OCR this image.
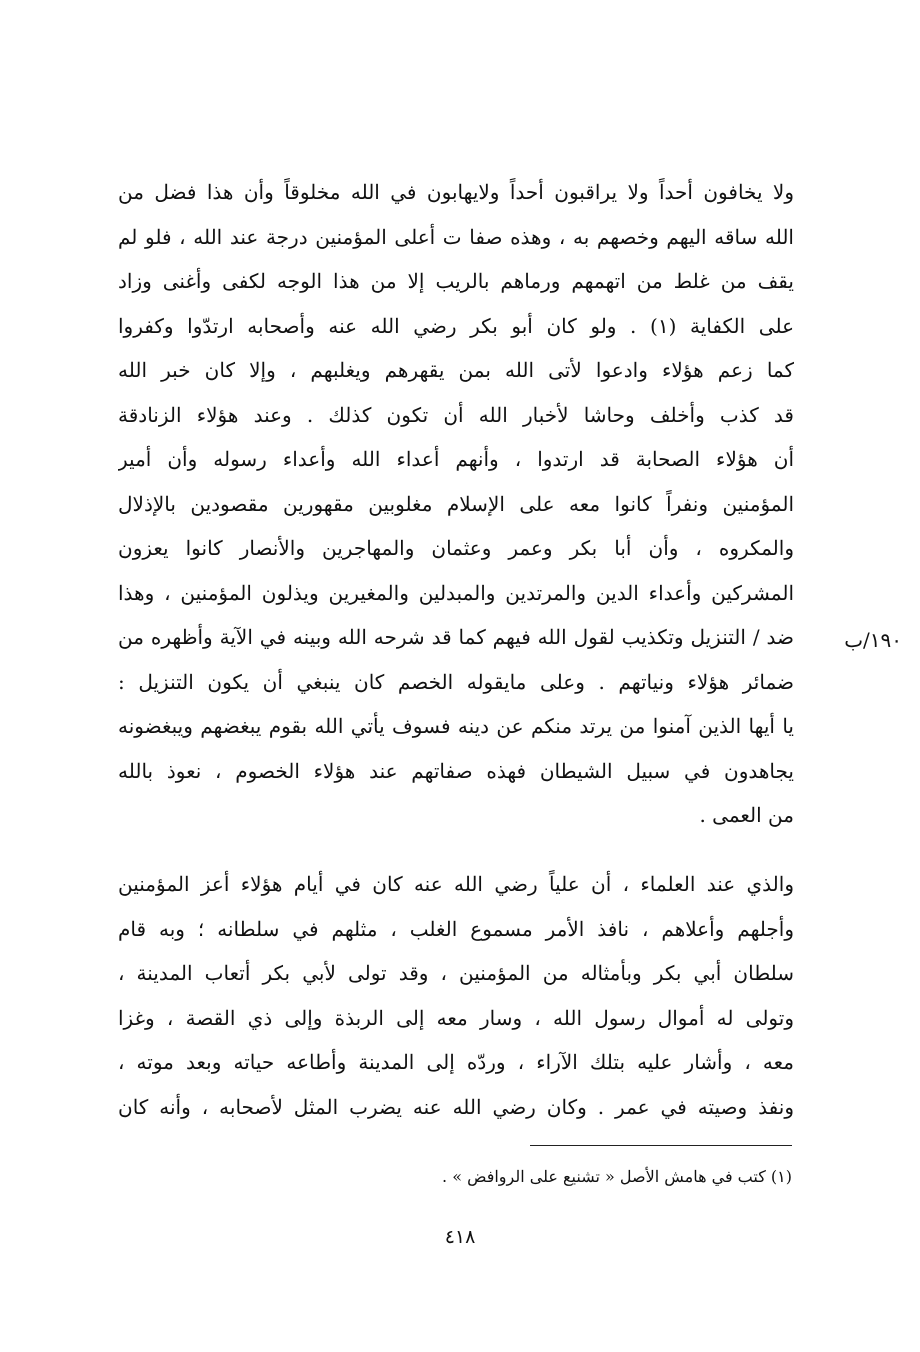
ولا يخافون أحداً ولا يراقبون أحداً ولايهابون في الله مخلوقاً وأن هذا فضل من
الله ساقه اليهم وخصهم به ، وهذه صفا ت أعلى المؤمنين درجة عند الله ، فلو لم
يقف من غلط من اتهمهم ورماهم بالريب إلا من هذا الوجه لكفى وأغنى وزاد
على الكفاية (١) . ولو كان أبو بكر رضي الله عنه وأصحابه ارتدّوا وكفروا
كما زعم هؤلاء وادعوا لأتى الله بمن يقهرهم ويغلبهم ، وإلا كان خبر الله
قد كذب وأخلف وحاشا لأخبار الله أن تكون كذلك . وعند هؤلاء الزنادقة
أن هؤلاء الصحابة قد ارتدوا ، وأنهم أعداء الله وأعداء رسوله وأن أمير
المؤمنين ونفراً كانوا معه على الإسلام مغلوبين مقهورين مقصودين بالإذلال
والمكروه ، وأن أبا بكر وعمر وعثمان والمهاجرين والأنصار كانوا يعزون
المشركين وأعداء الدين والمرتدين والمبدلين والمغيرين ويذلون المؤمنين ، وهذا
ضد / التنزيل وتكذيب لقول الله فيهم كما قد شرحه الله وبينه في الآية وأظهره من
ضمائر هؤلاء ونياتهم . وعلى مايقوله الخصم كان ينبغي أن يكون التنزيل :
يا أيها الذين آمنوا من يرتد منكم عن دينه فسوف يأتي الله بقوم يبغضهم ويبغضونه
يجاهدون في سبيل الشيطان فهذه صفاتهم عند هؤلاء الخصوم ، نعوذ بالله
من العمى .
١٩٠/ب
والذي عند العلماء ، أن علياً رضي الله عنه كان في أيام هؤلاء أعز المؤمنين
وأجلهم وأعلاهم ، نافذ الأمر مسموع الغلب ، مثلهم في سلطانه ؛ وبه قام
سلطان أبي بكر وبأمثاله من المؤمنين ، وقد تولى لأبي بكر أتعاب المدينة ،
وتولى له أموال رسول الله ، وسار معه إلى الربذة وإلى ذي القصة ، وغزا
معه ، وأشار عليه بتلك الآراء ، وردّه إلى المدينة وأطاعه حياته وبعد موته ،
ونفذ وصيته في عمر . وكان رضي الله عنه يضرب المثل لأصحابه ، وأنه كان
(١) كتب في هامش الأصل « تشنيع على الروافض » .
٤١٨
